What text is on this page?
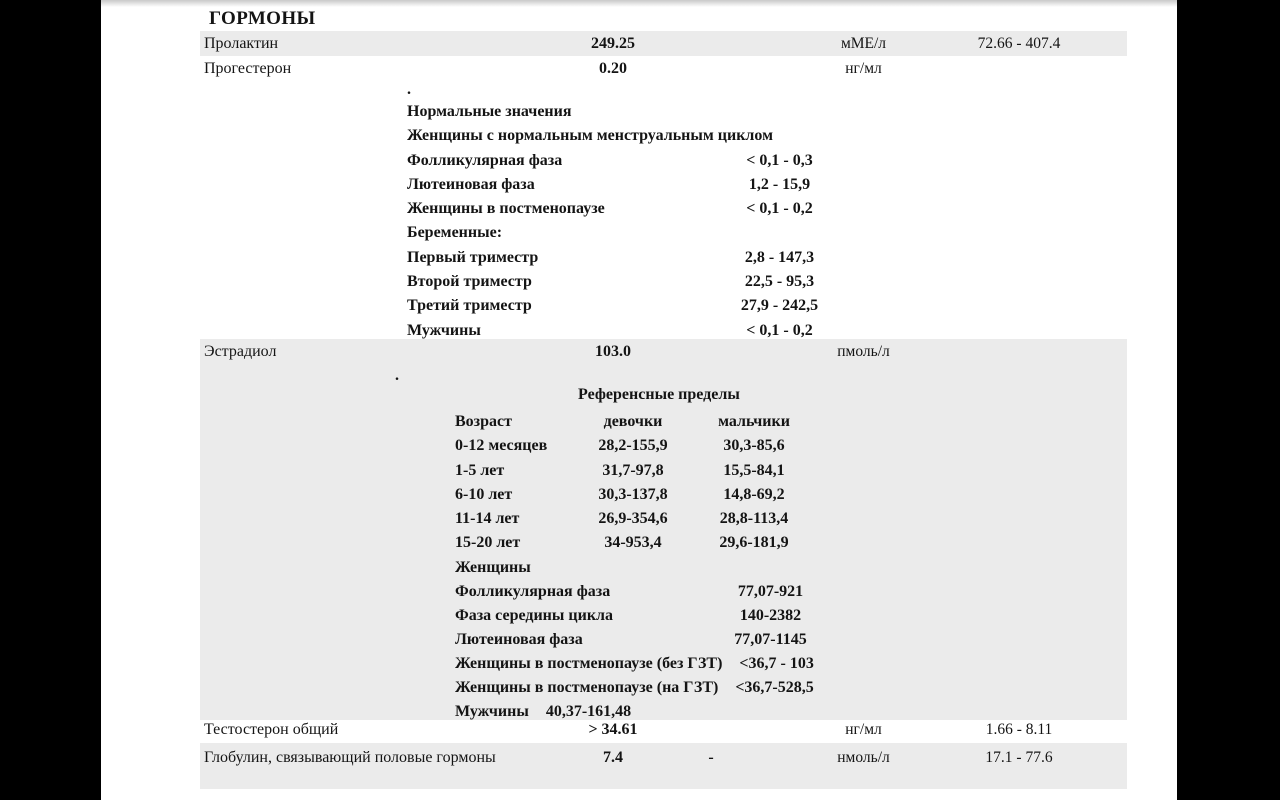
ГОРМОНЫ
Пролактин	249.25	мМЕ/л	72.66 - 407.4
Прогестерон	0.20	нг/мл
.
Нормальные значения
Женщины с нормальным менструальным циклом
Фолликулярная фаза	< 0,1 - 0,3
Лютеиновая фаза	1,2 - 15,9
Женщины в постменопаузе	< 0,1 - 0,2
Беременные:
Первый триместр	2,8 - 147,3
Второй триместр	22,5 - 95,3
Третий триместр	27,9 - 242,5
Мужчины	< 0,1 - 0,2
Эстрадиол	103.0	пмоль/л
.
Референсные пределы
Возраст	девочки	мальчики
0-12 месяцев	28,2-155,9	30,3-85,6
1-5 лет	31,7-97,8	15,5-84,1
6-10 лет	30,3-137,8	14,8-69,2
11-14 лет	26,9-354,6	28,8-113,4
15-20 лет	34-953,4	29,6-181,9
Женщины
Фолликулярная фаза	77,07-921
Фаза середины цикла	140-2382
Лютеиновая фаза	77,07-1145
Женщины в постменопаузе (без ГЗТ) <36,7 - 103
Женщины в постменопаузе (на ГЗТ) <36,7-528,5
Мужчины 40,37-161,48
Тестостерон общий	> 34.61	нг/мл	1.66 - 8.11
Глобулин, связывающий половые гормоны	7.4	-	нмоль/л	17.1 - 77.6
